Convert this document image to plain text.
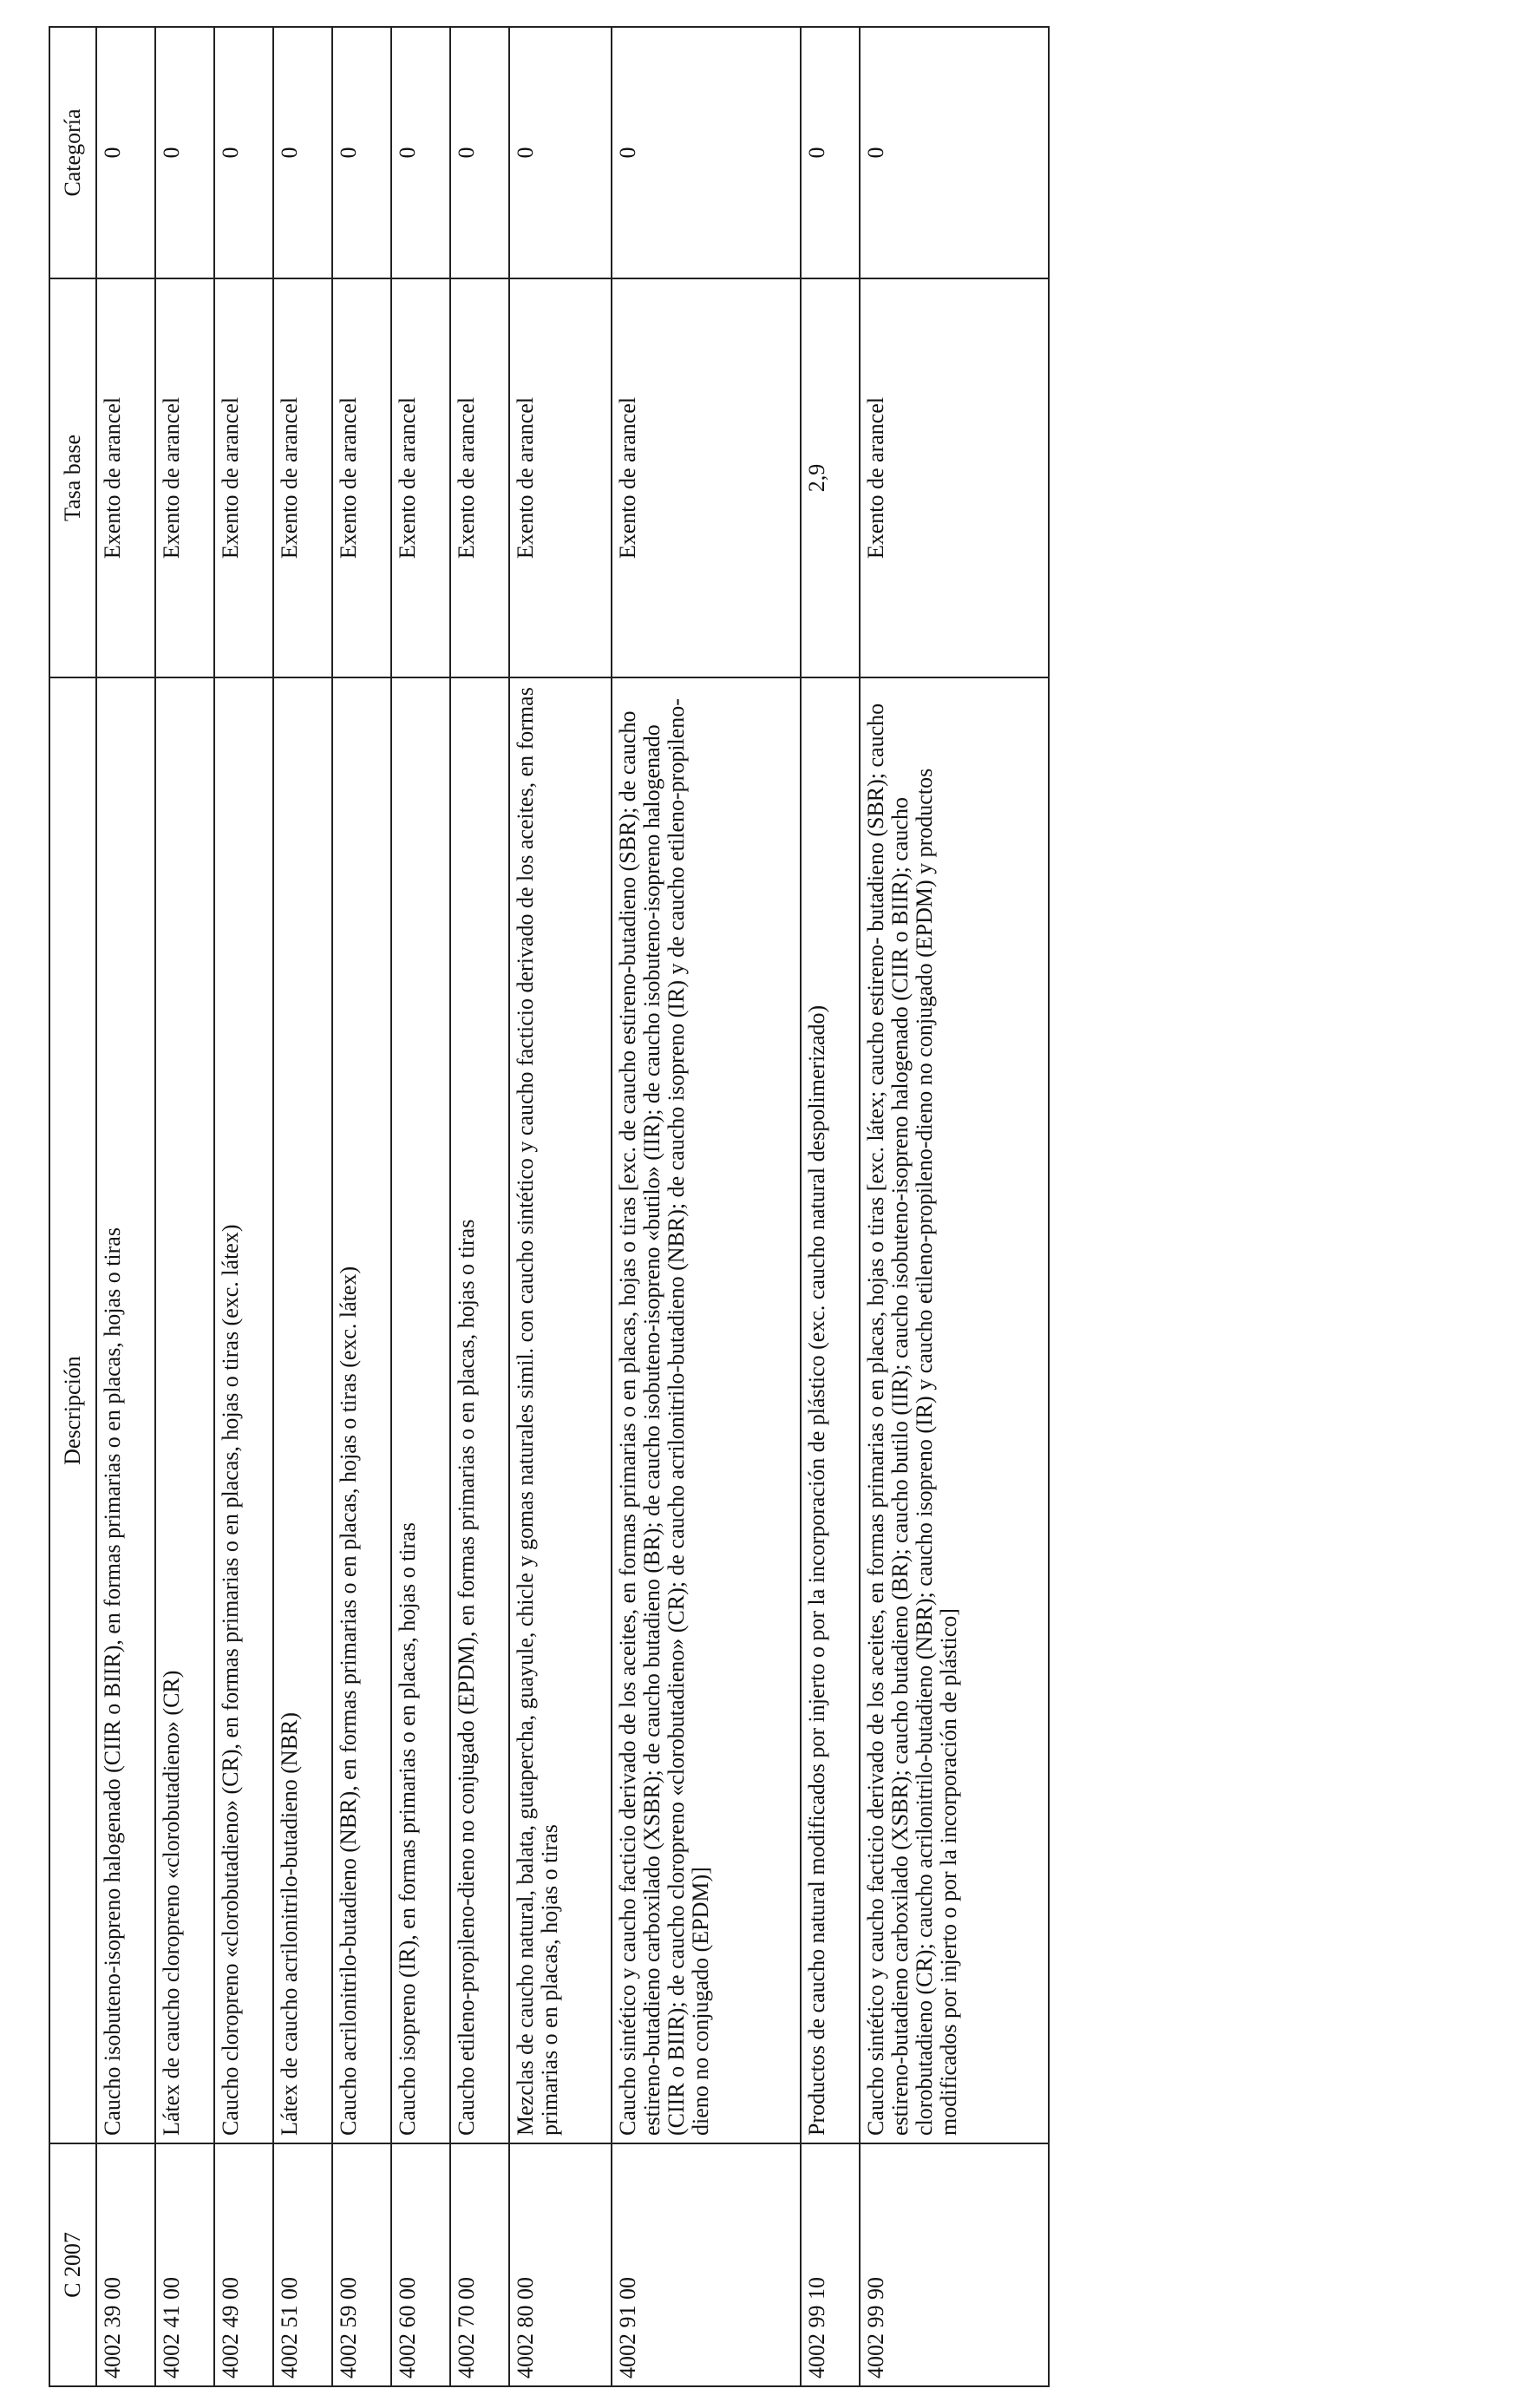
C 2007	Descripción	Tasa base	Categoría
4002 39 00	Caucho isobuteno-isopreno halogenado (CIIR o BIIR), en formas primarias o en placas, hojas o tiras	Exento de arancel	0
4002 41 00	Látex de caucho cloropreno «clorobutadieno» (CR)	Exento de arancel	0
4002 49 00	Caucho cloropreno «clorobutadieno» (CR), en formas primarias o en placas, hojas o tiras (exc. látex)	Exento de arancel	0
4002 51 00	Látex de caucho acrilonitrilo-butadieno (NBR)	Exento de arancel	0
4002 59 00	Caucho acrilonitrilo-butadieno (NBR), en formas primarias o en placas, hojas o tiras (exc. látex)	Exento de arancel	0
4002 60 00	Caucho isopreno (IR), en formas primarias o en placas, hojas o tiras	Exento de arancel	0
4002 70 00	Caucho etileno-propileno-dieno no conjugado (EPDM), en formas primarias o en placas, hojas o tiras	Exento de arancel	0
4002 80 00	Mezclas de caucho natural, balata, gutapercha, guayule, chicle y gomas naturales simil. con caucho sintético y caucho facticio derivado de los aceites, en formas primarias o en placas, hojas o tiras	Exento de arancel	0
4002 91 00	Caucho sintético y caucho facticio derivado de los aceites, en formas primarias o en placas, hojas o tiras [exc. de caucho estireno-butadieno (SBR); de caucho estireno-butadieno carboxilado (XSBR); de caucho butadieno (BR); de caucho isobuteno-isopreno «butilo» (IIR); de caucho isobuteno-isopreno halogenado (CIIR o BIIR); de caucho cloropreno «clorobutadieno» (CR); de caucho acrilonitrilo-butadieno (NBR); de caucho isopreno (IR) y de caucho etileno-propileno-dieno no conjugado (EPDM)]	Exento de arancel	0
4002 99 10	Productos de caucho natural modificados por injerto o por la incorporación de plástico (exc. caucho natural despolimerizado)	2,9	0
4002 99 90	Caucho sintético y caucho facticio derivado de los aceites, en formas primarias o en placas, hojas o tiras [exc. látex; caucho estireno- butadieno (SBR); caucho estireno-butadieno carboxilado (XSBR); caucho butadieno (BR); caucho butilo (IIR); caucho isobuteno-isopreno halogenado (CIIR o BIIR); caucho clorobutadieno (CR); caucho acrilonitrilo-butadieno (NBR); caucho isopreno (IR) y caucho etileno-propileno-dieno no conjugado (EPDM) y productos modificados por injerto o por la incorporación de plástico]	Exento de arancel	0
